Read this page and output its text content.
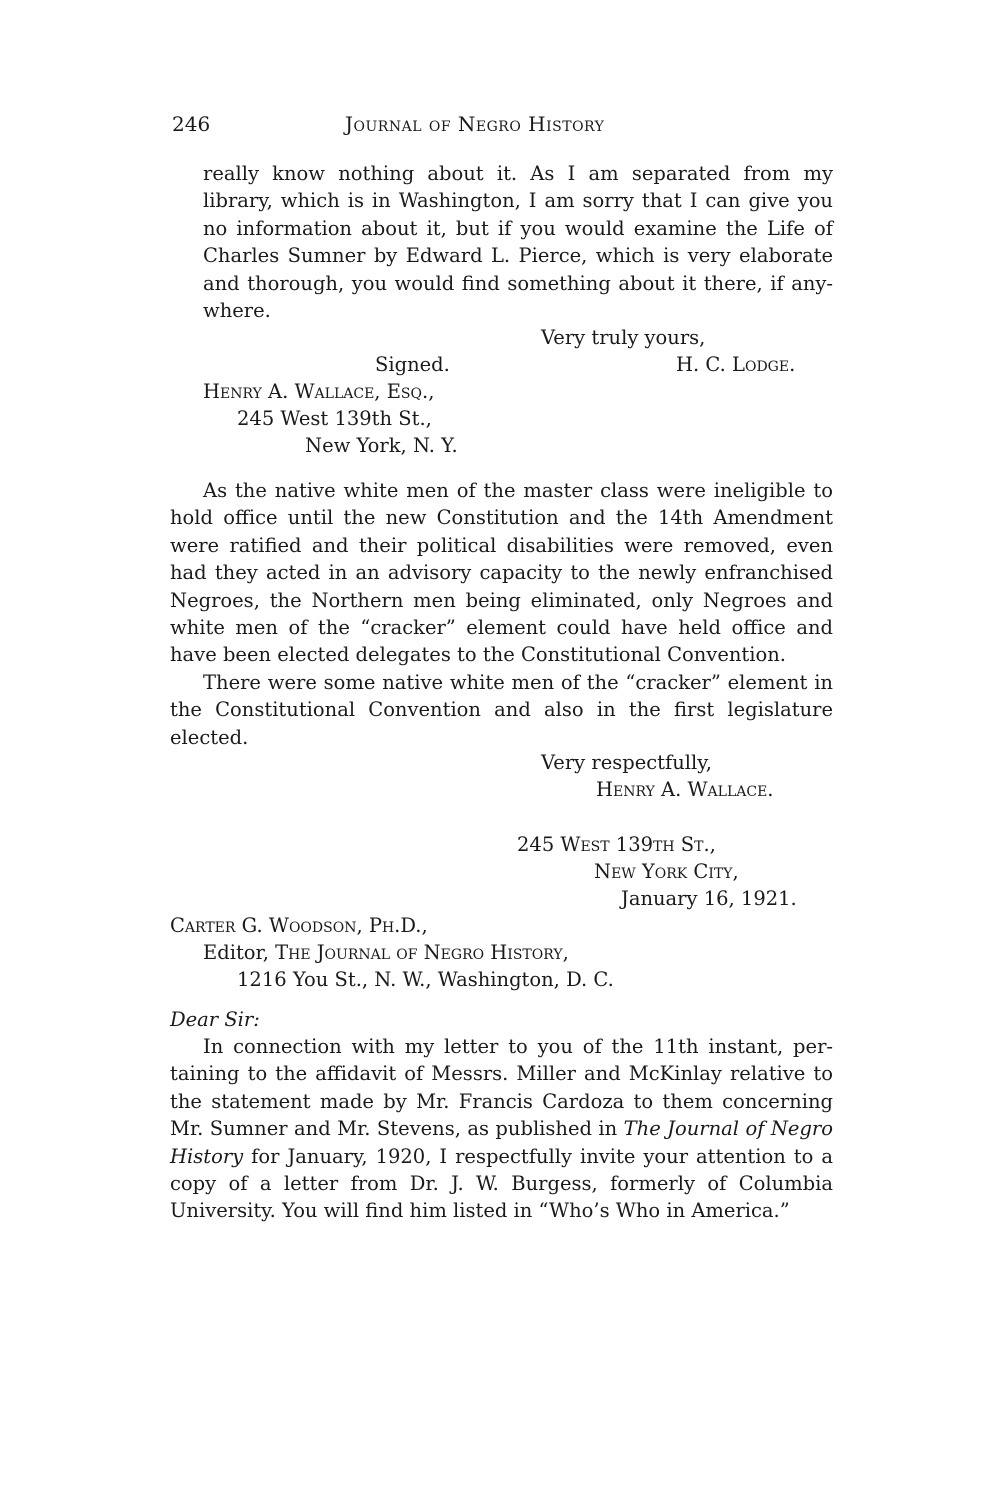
246	Journal of Negro History

really know nothing about it. As I am separated from my library, which is in Washington, I am sorry that I can give you no information about it, but if you would examine the Life of Charles Sumner by Edward L. Pierce, which is very elaborate and thorough, you would find something about it there, if anywhere.

Very truly yours,
Signed.	H. C. Lodge.
Henry A. Wallace, Esq.,
245 West 139th St.,
New York, N. Y.

As the native white men of the master class were ineligible to hold office until the new Constitution and the 14th Amendment were ratified and their political disabilities were removed, even had they acted in an advisory capacity to the newly enfranchised Negroes, the Northern men being eliminated, only Negroes and white men of the “cracker” element could have held office and have been elected delegates to the Constitutional Convention.

There were some native white men of the “cracker” element in the Constitutional Convention and also in the first legislature elected.

Very respectfully,
Henry A. Wallace.
245 West 139th St.,
New York City,
January 16, 1921.
Carter G. Woodson, Ph.D.,
Editor, The Journal of Negro History,
1216 You St., N. W., Washington, D. C.
Dear Sir:

In connection with my letter to you of the 11th instant, pertaining to the affidavit of Messrs. Miller and McKinlay relative to the statement made by Mr. Francis Cardoza to them concerning Mr. Sumner and Mr. Stevens, as published in The Journal of Negro History for January, 1920, I respectfully invite your attention to a copy of a letter from Dr. J. W. Burgess, formerly of Columbia University. You will find him listed in “Who’s Who in America.”
